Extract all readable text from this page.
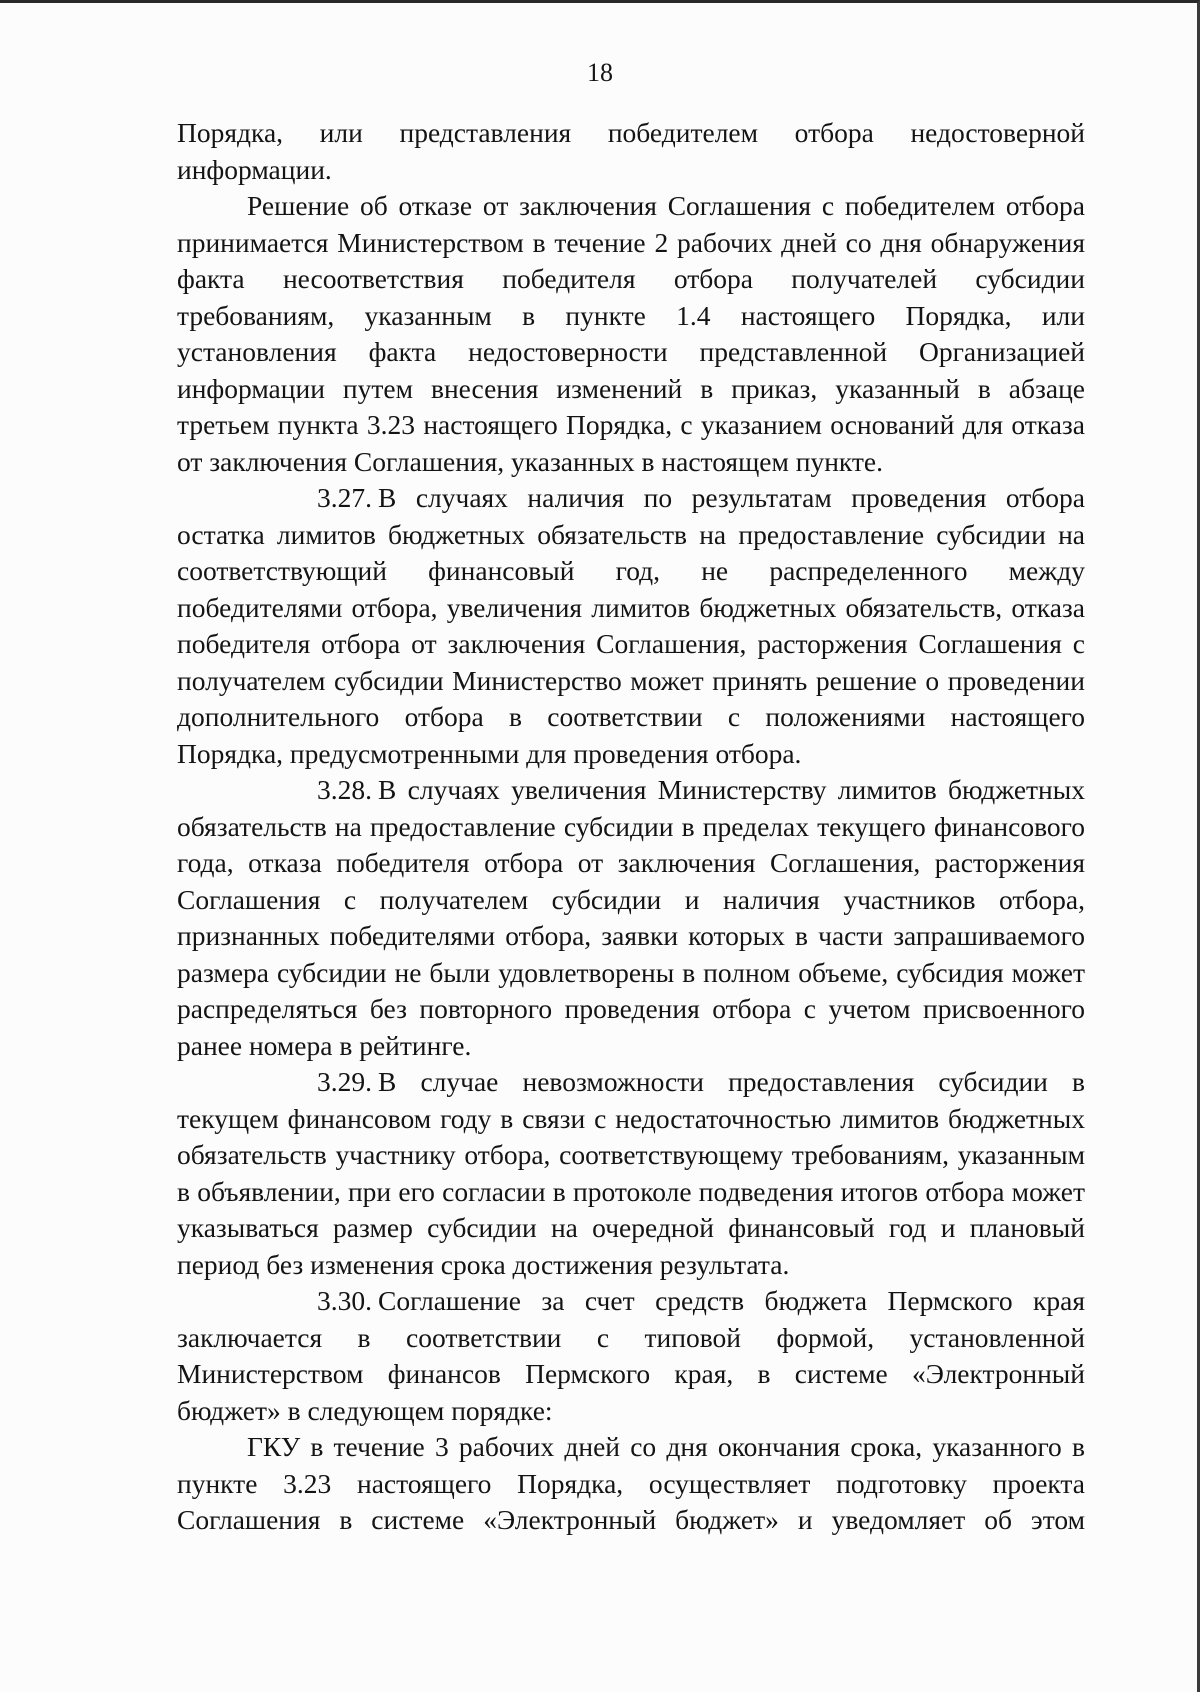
18

Порядка, или представления победителем отбора недостоверной информации.

Решение об отказе от заключения Соглашения с победителем отбора принимается Министерством в течение 2 рабочих дней со дня обнаружения факта несоответствия победителя отбора получателей субсидии требованиям, указанным в пункте 1.4 настоящего Порядка, или установления факта недостоверности представленной Организацией информации путем внесения изменений в приказ, указанный в абзаце третьем пункта 3.23 настоящего Порядка, с указанием оснований для отказа от заключения Соглашения, указанных в настоящем пункте.

3.27. В случаях наличия по результатам проведения отбора остатка лимитов бюджетных обязательств на предоставление субсидии на соответствующий финансовый год, не распределенного между победителями отбора, увеличения лимитов бюджетных обязательств, отказа победителя отбора от заключения Соглашения, расторжения Соглашения с получателем субсидии Министерство может принять решение о проведении дополнительного отбора в соответствии с положениями настоящего Порядка, предусмотренными для проведения отбора.

3.28. В случаях увеличения Министерству лимитов бюджетных обязательств на предоставление субсидии в пределах текущего финансового года, отказа победителя отбора от заключения Соглашения, расторжения Соглашения с получателем субсидии и наличия участников отбора, признанных победителями отбора, заявки которых в части запрашиваемого размера субсидии не были удовлетворены в полном объеме, субсидия может распределяться без повторного проведения отбора с учетом присвоенного ранее номера в рейтинге.

3.29. В случае невозможности предоставления субсидии в текущем финансовом году в связи с недостаточностью лимитов бюджетных обязательств участнику отбора, соответствующему требованиям, указанным в объявлении, при его согласии в протоколе подведения итогов отбора может указываться размер субсидии на очередной финансовый год и плановый период без изменения срока достижения результата.

3.30. Соглашение за счет средств бюджета Пермского края заключается в соответствии с типовой формой, установленной Министерством финансов Пермского края, в системе «Электронный бюджет» в следующем порядке:

ГКУ в течение 3 рабочих дней со дня окончания срока, указанного в пункте 3.23 настоящего Порядка, осуществляет подготовку проекта Соглашения в системе «Электронный бюджет» и уведомляет об этом
